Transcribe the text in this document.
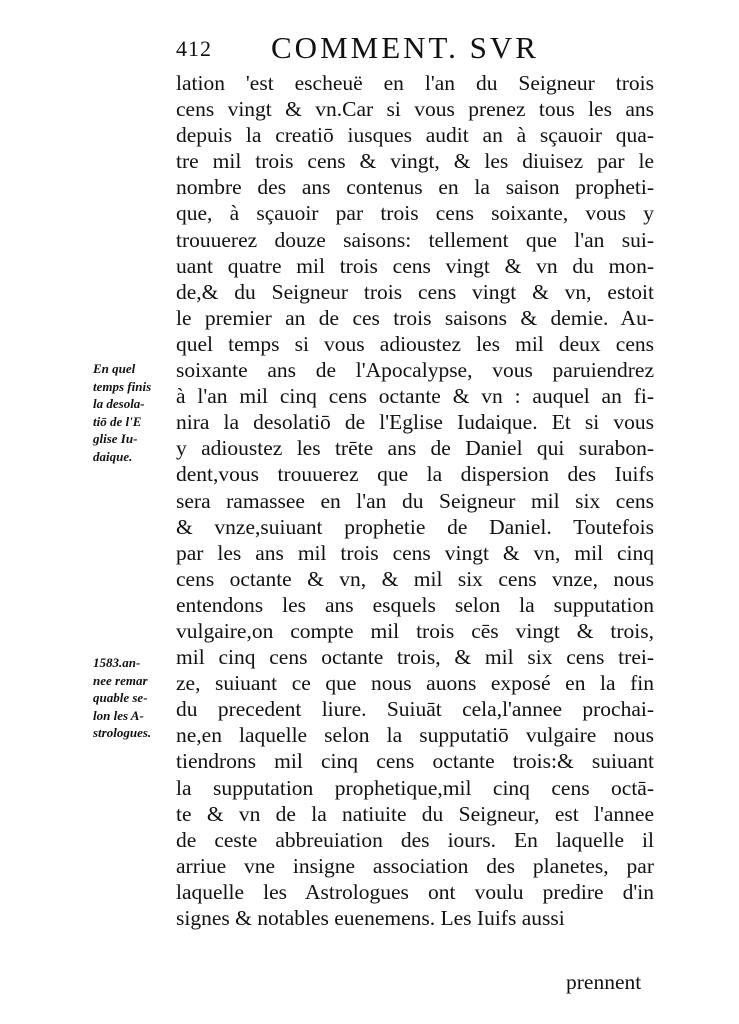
412 COMMENT. SVR
En quel
temps finis
la desola-
tiō de l'E
glise Iu-
daique.
1583.an-
nee remar
quable se-
lon les A-
strologues.
lation 'est escheuë en l'an du Seigneur trois
cens vingt & vn.Car si vous prenez tous les ans
depuis la creatiō iusques audit an à sçauoir qua-
tre mil trois cens & vingt, & les diuisez par le
nombre des ans contenus en la saison propheti-
que, à sçauoir par trois cens soixante, vous y
trouuerez douze saisons: tellement que l'an sui-
uant quatre mil trois cens vingt & vn du mon-
de,& du Seigneur trois cens vingt & vn, estoit
le premier an de ces trois saisons & demie. Au-
quel temps si vous adioustez les mil deux cens
soixante ans de l'Apocalypse, vous paruiendrez
à l'an mil cinq cens octante & vn : auquel an fi-
nira la desolatiō de l'Eglise Iudaique. Et si vous
y adioustez les trēte ans de Daniel qui surabon-
dent,vous trouuerez que la dispersion des Iuifs
sera ramassee en l'an du Seigneur mil six cens
& vnze,suiuant prophetie de Daniel. Toutefois
par les ans mil trois cens vingt & vn, mil cinq
cens octante & vn, & mil six cens vnze, nous
entendons les ans esquels selon la supputation
vulgaire,on compte mil trois cēs vingt & trois,
mil cinq cens octante trois, & mil six cens trei-
ze, suiuant ce que nous auons exposé en la fin
du precedent liure. Suiuāt cela,l'annee prochai-
ne,en laquelle selon la supputatiō vulgaire nous
tiendrons mil cinq cens octante trois:& suiuant
la supputation prophetique,mil cinq cens octā-
te & vn de la natiuite du Seigneur, est l'annee
de ceste abbreuiation des iours. En laquelle il
arriue vne insigne association des planetes, par
laquelle les Astrologues ont voulu predire d'in
signes & notables euenemens. Les Iuifs aussi
prennent
